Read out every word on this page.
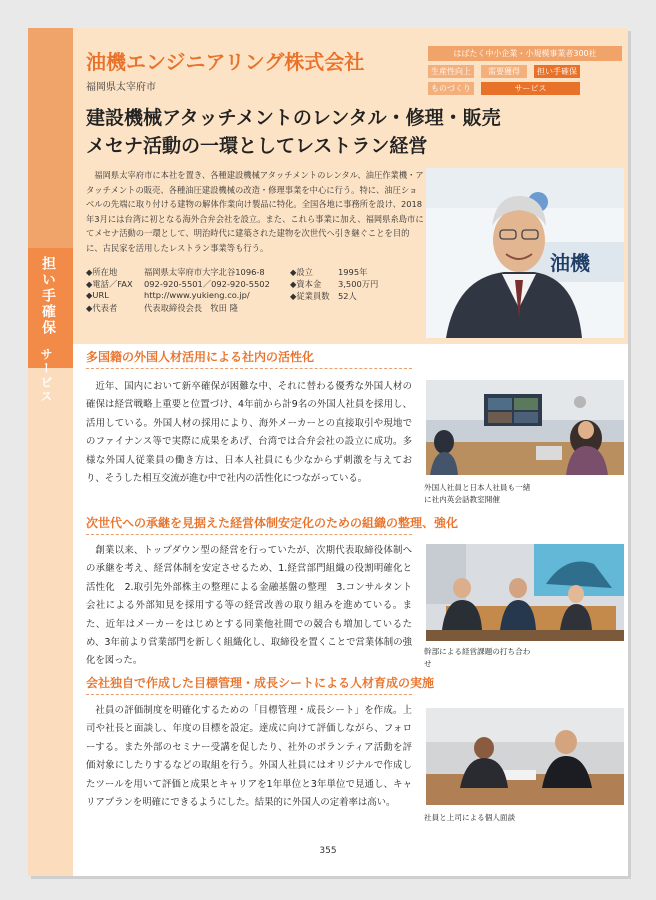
担い手確保
サービス
油機エンジニアリング株式会社
福岡県太宰府市
建設機械アタッチメントのレンタル・修理・販売
メセナ活動の一環としてレストラン経営
はばたく中小企業・小規模事業者300社
生産性向上	需要獲得	担い手確保
ものづくり	サービス
福岡県太宰府市に本社を置き、各種建設機械アタッチメントのレンタル、油圧作業機・アタッチメントの販売、各種油圧建設機械の改造・修理事業を中心に行う。特に、油圧ショベルの先端に取り付ける建物の解体作業向け製品に特化。全国各地に事務所を設け、2018年3月には台湾に初となる海外合弁会社を設立。また、これら事業に加え、福岡県糸島市にてメセナ活動の一環として、明治時代に建築された建物を次世代へ引き継ぐことを目的に、古民家を活用したレストラン事業等も行う。
油機
◆所在地	福岡県太宰府市大字北谷1096-8
◆電話／FAX 092-920-5501／092-920-5502
◆URL	http://www.yukieng.co.jp/
◆代表者	代表取締役会長　牧田 隆
◆設立	1995年
◆資本金 3,500万円
◆従業員数 52人
多国籍の外国人材活用による社内の活性化
近年、国内において新卒確保が困難な中、それに替わる優秀な外国人材の確保は経営戦略上重要と位置づけ、4年前から計9名の外国人社員を採用し、活用している。外国人材の採用により、海外メーカーとの直接取引や現地でのファイナンス等で実際に成果をあげ、台湾では合弁会社の設立に成功。多様な外国人従業員の働き方は、日本人社員にも少なからず刺激を与えており、そうした相互交流が進む中で社内の活性化につながっている。
外国人社員と日本人社員も一緒に社内英会話教室開催
次世代への承継を見据えた経営体制安定化のための組織の整理、強化
創業以来、トップダウン型の経営を行っていたが、次期代表取締役体制への承継を考え、経営体制を安定させるため、1.経営部門組織の役割明確化と活性化　2.取引先外部株主の整理による金融基盤の整理　3.コンサルタント会社による外部知見を採用する等の経営改善の取り組みを進めている。また、近年はメーカーをはじめとする同業他社間での競合も増加しているため、3年前より営業部門を新しく組織化し、取締役を置くことで営業体制の強化を図った。
幹部による経営課題の打ち合わせ
会社独自で作成した目標管理・成長シートによる人材育成の実施
社員の評価制度を明確化するための「目標管理・成長シート」を作成。上司や社長と面談し、年度の目標を設定。達成に向けて評価しながら、フォローする。また外部のセミナー受講を促したり、社外のボランティア活動を評価対象にしたりするなどの取組を行う。外国人社員にはオリジナルで作成したツールを用いて評価と成果とキャリアを1年単位と3年単位で見通し、キャリアプランを明確にできるようにした。結果的に外国人の定着率は高い。
社員と上司による個人面談
355
